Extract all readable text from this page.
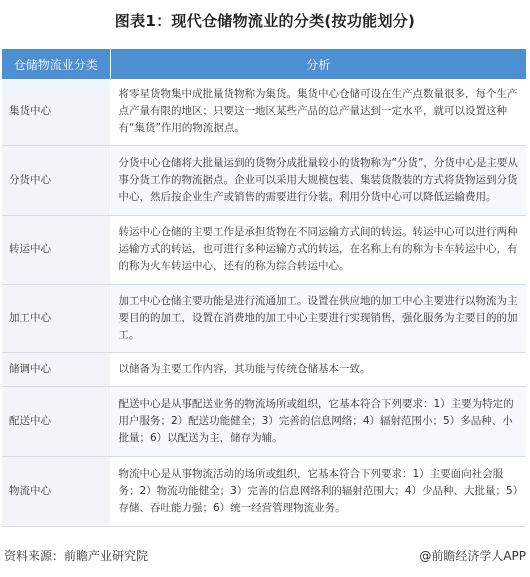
图表1：现代仓储物流业的分类(按功能划分)
仓储物流业分类	分析
集货中心	将零星货物集中成批量货物称为集货。集货中心仓储可设在生产点数量很多，每个生产点产量有限的地区；只要这一地区某些产品的总产量达到一定水平，就可以设置这种有“集货”作用的物流据点。
分货中心	分货中心仓储将大批量运到的货物分成批量较小的货物称为“分货”，分货中心是主要从事分货工作的物流据点。企业可以采用大规模包装、集装货散装的方式将货物运到分货中心，然后按企业生产或销售的需要进行分装。利用分货中心可以降低运输费用。
转运中心	转运中心仓储的主要工作是承担货物在不同运输方式间的转运。转运中心可以进行两种运输方式的转运，也可进行多种运输方式的转运，在名称上有的称为卡车转运中心，有的称为火车转运中心，还有的称为综合转运中心。
加工中心	加工中心仓储主要功能是进行流通加工。设置在供应地的加工中心主要进行以物流为主要目的的加工，设置在消费地的加工中心主要进行实现销售，强化服务为主要目的的加工。
储调中心	以储备为主要工作内容，其功能与传统仓储基本一致。
配送中心	配送中心是从事配送业务的物流场所或组织，它基本符合下列要求：1）主要为特定的用户服务；2）配送功能健全；3）完善的信息网络；4）辐射范围小；5）多品种、小批量；6）以配送为主，储存为辅。
物流中心	物流中心是从事物流活动的场所或组织，它基本符合下列要求：1）主要面向社会服务；2）物流功能健全；3）完善的信息网络利的辐射范围大；4）少品种、大批量；5）存储、吞吐能力强；6）统一经营管理物流业务。
资料来源：前瞻产业研究院	@前瞻经济学人APP
